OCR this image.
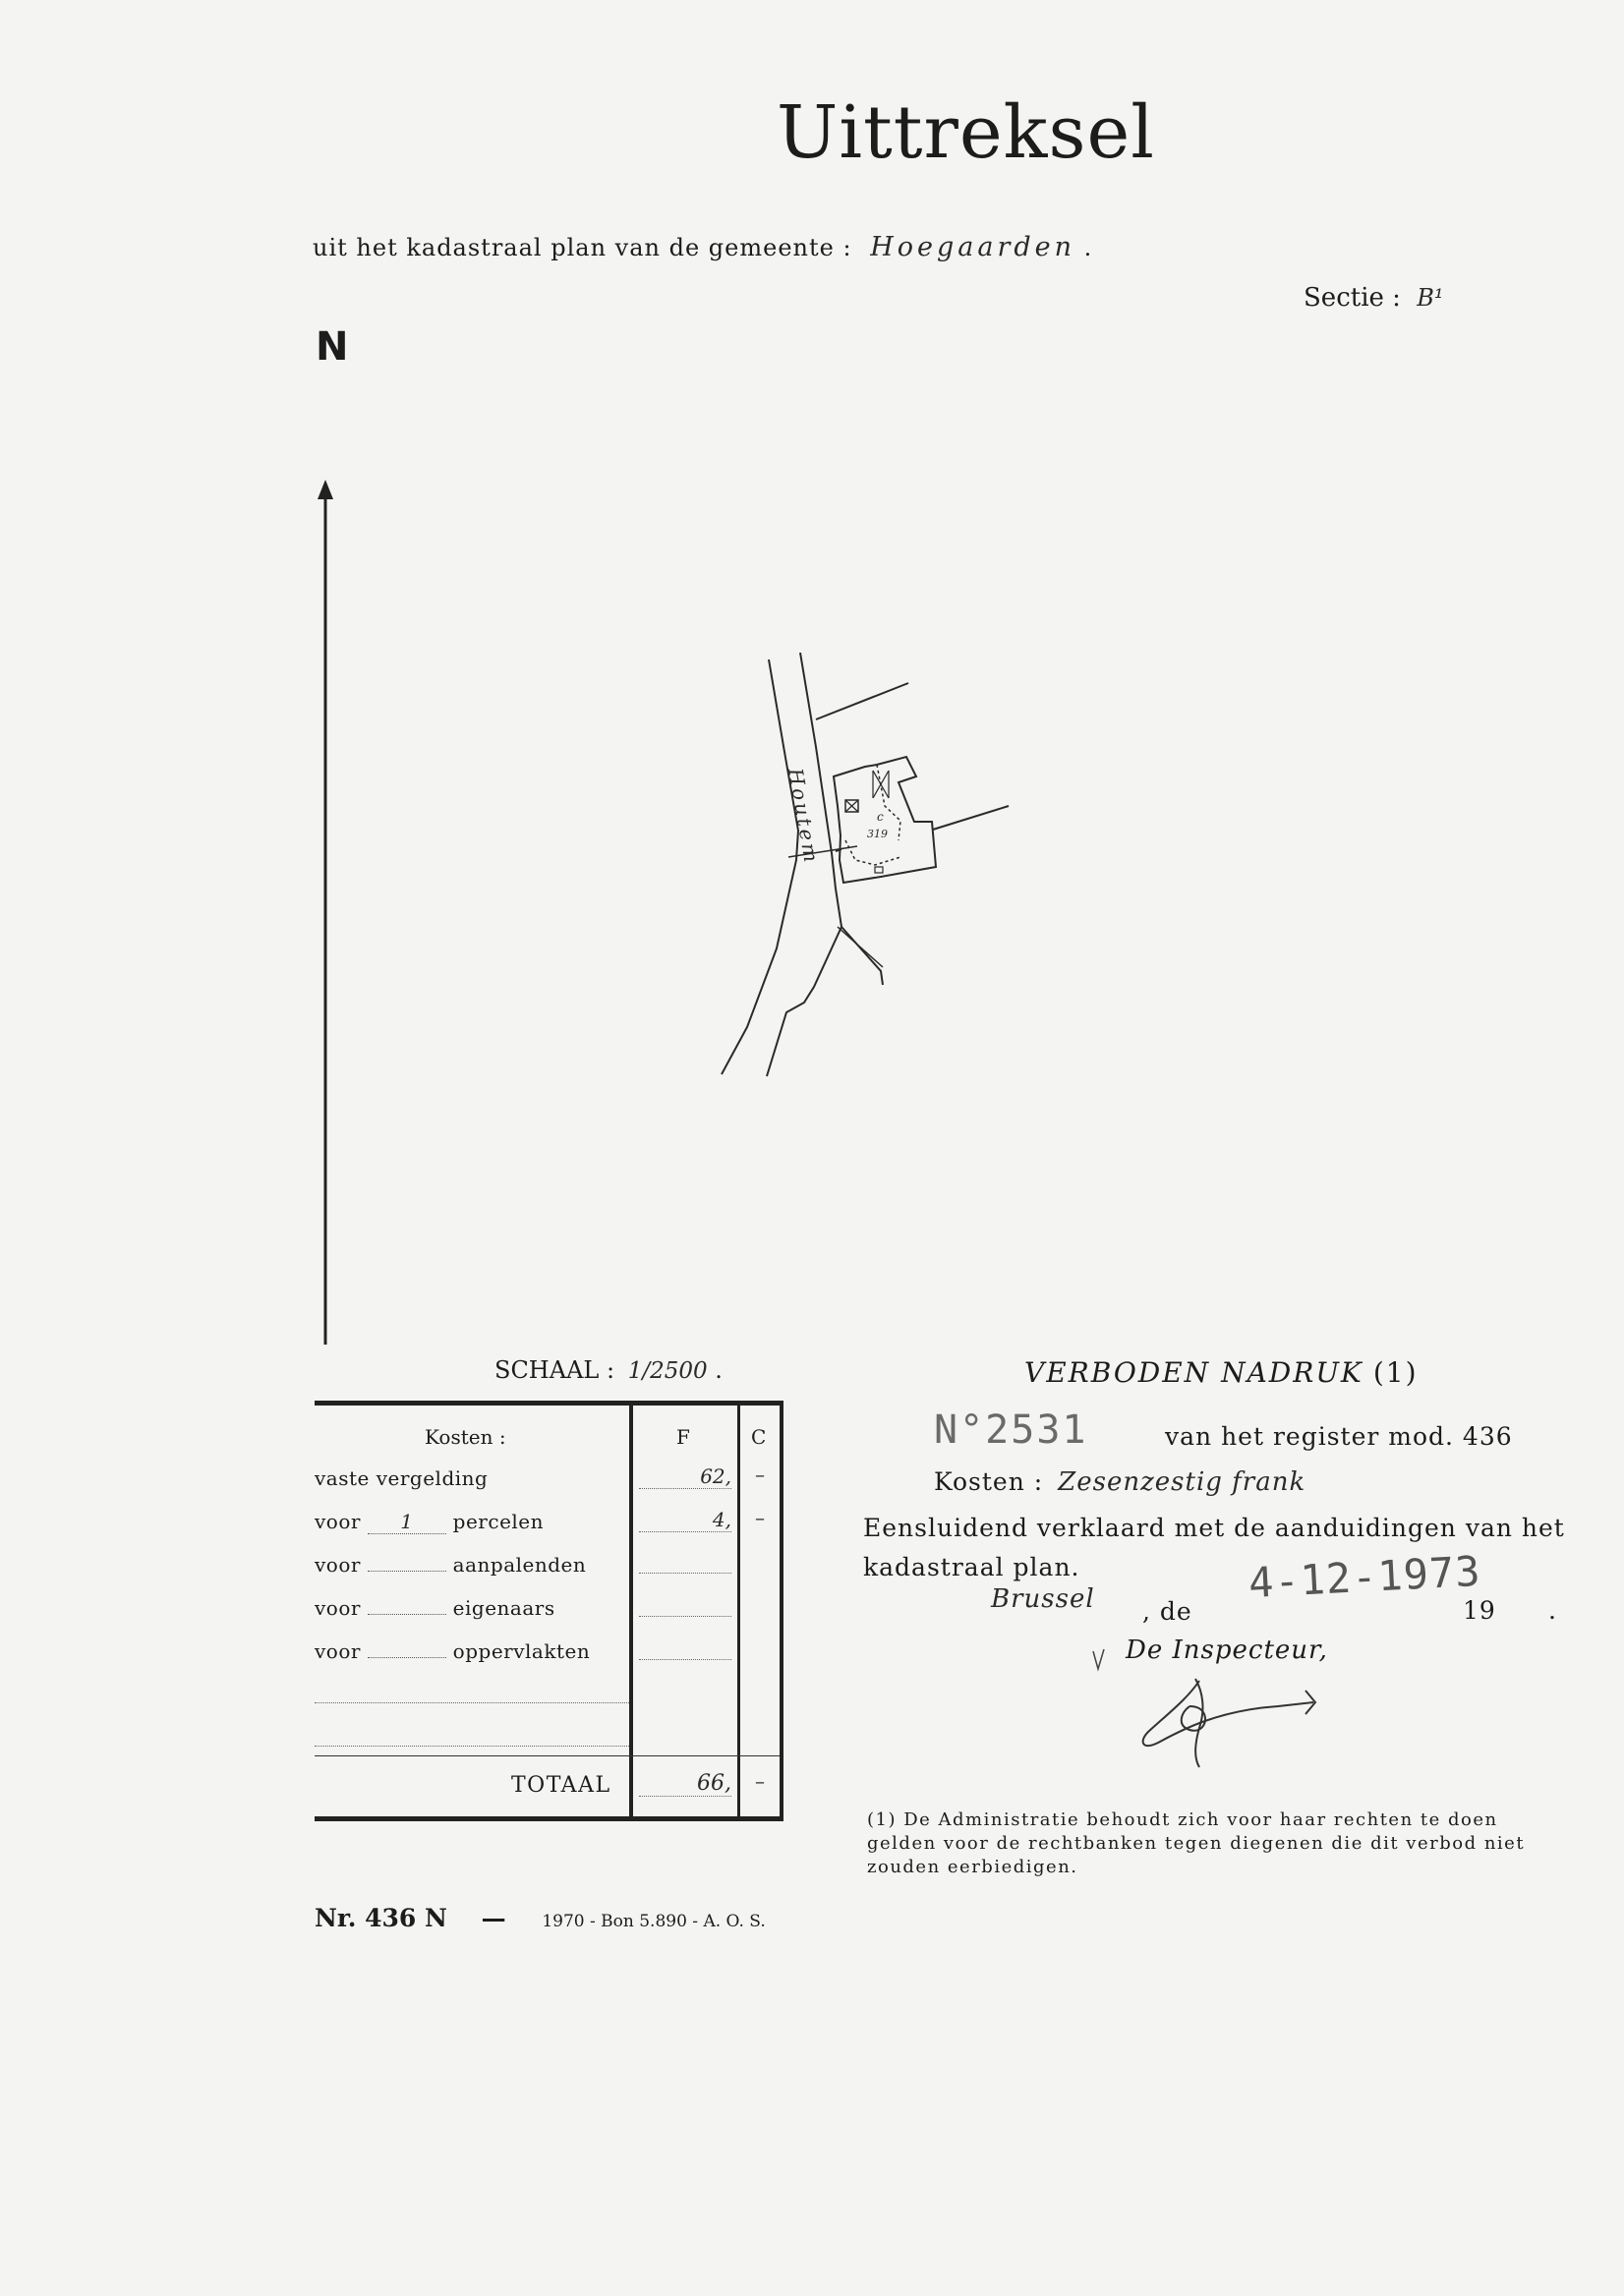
Uittreksel
uit het kadastraal plan van de gemeente : Hoegaarden .
Sectie : B¹
N
Houtem	c
319
SCHAAL : 1/2500 .	VERBODEN NADRUK (1)
Kosten :	F	C
vaste vergelding	62, –
voor 1 percelen	4, –
voor	aanpalenden
voor	eigenaars
voor	oppervlakten
TOTAAL	66, –
N°2531	van het register mod. 436
Kosten : Zesenzestig frank
Eensluidend verklaard met de aanduidingen van het
kadastraal plan.
Brussel , de
4-12-1973
19 .
De Inspecteur,
(1) De Administratie behoudt zich voor haar rechten te doen gelden voor de rechtbanken tegen diegenen die dit verbod niet zouden eerbiedigen.
Nr. 436 N — 1970 - Bon 5.890 - A. O. S.
